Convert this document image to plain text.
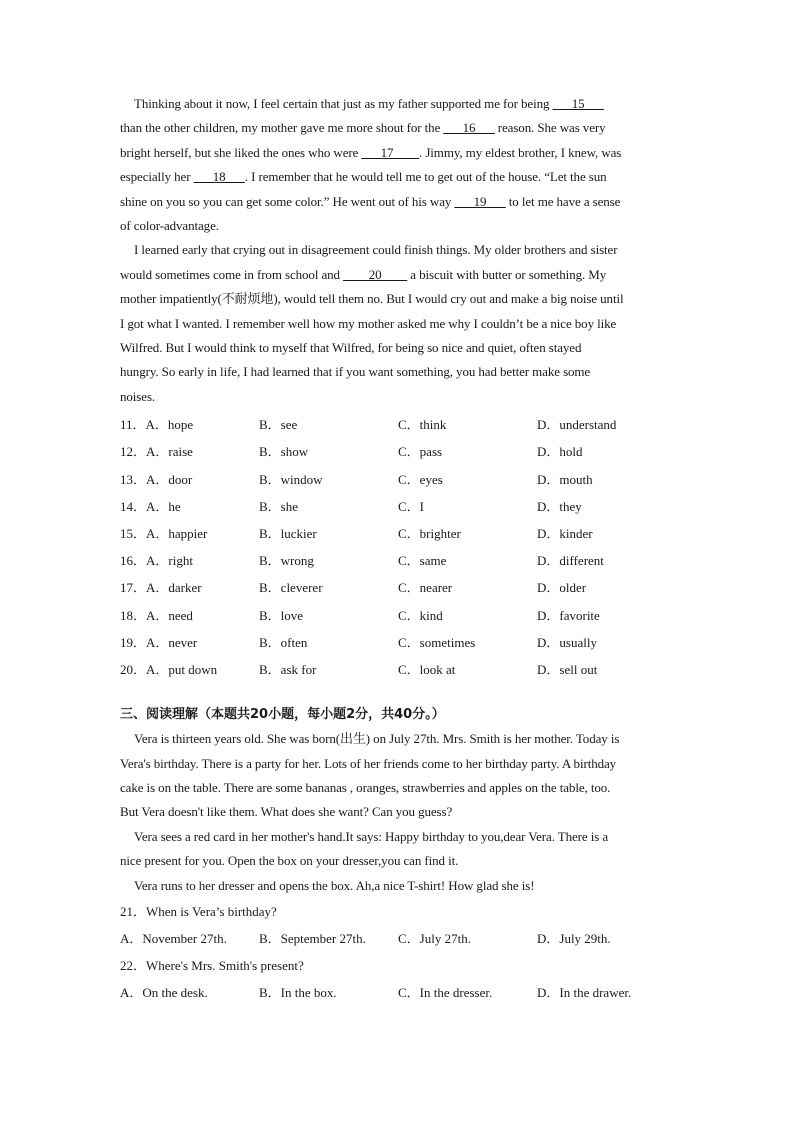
Thinking about it now, I feel certain that just as my father supported me for being ___15___
than the other children, my mother gave me more shout for the ___16___ reason. She was very
bright herself, but she liked the ones who were ___17____. Jimmy, my eldest brother, I knew, was
especially her ___18___. I remember that he would tell me to get out of the house. “Let the sun
shine on you so you can get some color.” He went out of his way ___19___ to let me have a sense
of color-advantage.
I learned early that crying out in disagreement could finish things. My older brothers and sister
would sometimes come in from school and ____20____ a biscuit with butter or something. My
mother impatiently(不耐烦地), would tell them no. But I would cry out and make a big noise until
I got what I wanted. I remember well how my mother asked me why I couldn’t be a nice boy like
Wilfred. But I would think to myself that Wilfred, for being so nice and quiet, often stayed
hungry. So early in life, I had learned that if you want something, you had better make some
noises.
11．A．hope	B．see	C．think	D．understand
12．A．raise	B．show	C．pass	D．hold
13．A．door	B．window	C．eyes	D．mouth
14．A．he	B．she	C．I	D．they
15．A．happier	B．luckier	C．brighter	D．kinder
16．A．right	B．wrong	C．same	D．different
17．A．darker	B．cleverer	C．nearer	D．older
18．A．need	B．love	C．kind	D．favorite
19．A．never	B．often	C．sometimes	D．usually
20．A．put down	B．ask for	C．look at	D．sell out
三、阅读理解（本题共20小题，每小题2分，共40分。）
Vera is thirteen years old. She was born(出生) on July 27th. Mrs. Smith is her mother. Today is
Vera's birthday. There is a party for her. Lots of her friends come to her birthday party. A birthday
cake is on the table. There are some bananas , oranges, strawberries and apples on the table, too.
But Vera doesn't like them. What does she want? Can you guess?
Vera sees a red card in her mother's hand.It says: Happy birthday to you,dear Vera. There is a
nice present for you. Open the box on your dresser,you can find it.
Vera runs to her dresser and opens the box. Ah,a nice T-shirt! How glad she is!
21．When is Vera’s birthday?
A．November 27th.	B．September 27th.	C．July 27th.	D．July 29th.
22．Where's Mrs. Smith's present?
A．On the desk.	B．In the box.	C．In the dresser.	D．In the drawer.
